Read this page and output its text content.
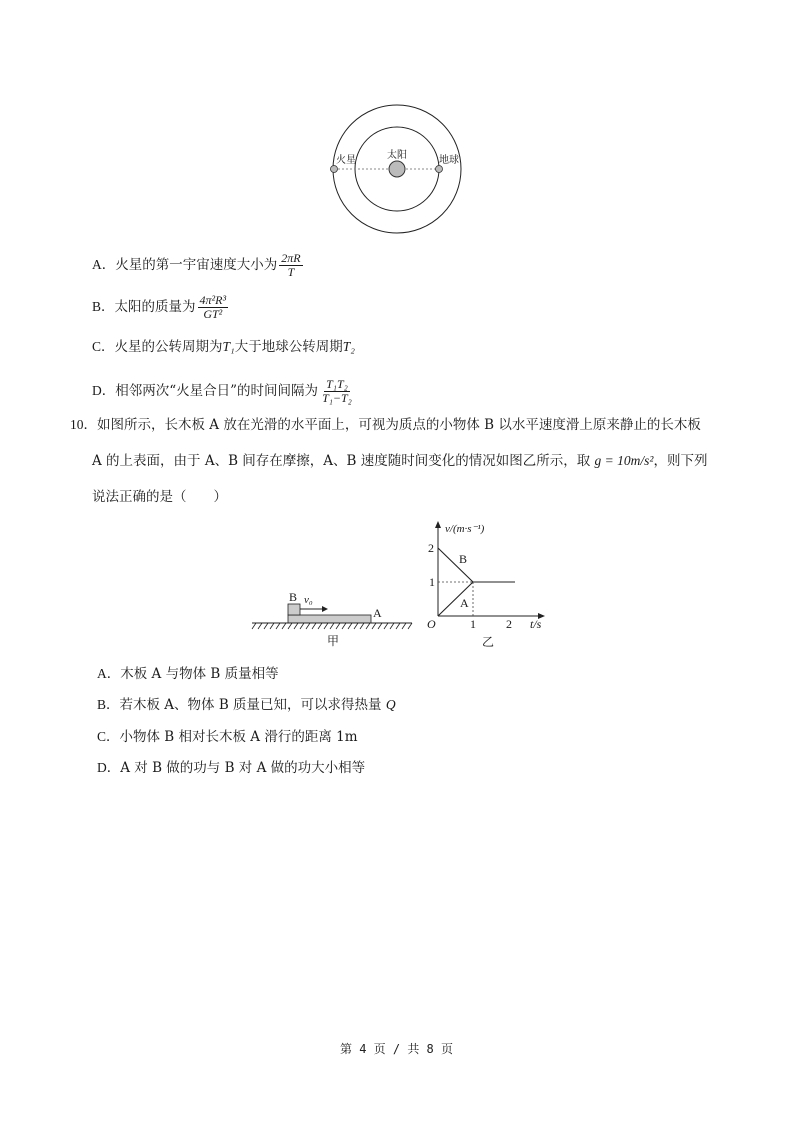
太阳
火星	地球
A．火星的第一宇宙速度大小为 $\frac{2\pi R}{T}$
B．太阳的质量为 $\frac{\text{4π²R³}}{\text{GT²}}$
C．火星的公转周期为T₁大于地球公转周期T₂
D．相邻两次“火星合日”的时间间隔为 $\frac{\text{T₁T₂}}{\text{T₁−T₂}}$
10．如图所示，长木板 A 放在光滑的水平面上，可视为质点的小物体 B 以水平速度滑上原来静止的长木板
A 的上表面，由于 A、B 间存在摩擦，A、B 速度随时间变化的情况如图乙所示，取 g = 10m/s²，则下列
说法正确的是（　　）
B v₀
A
甲
v/(m·s⁻¹)
2
1
B
A
O	1	2 t/s
乙
A．木板 A 与物体 B 质量相等
B．若木板 A、物体 B 质量已知，可以求得热量 Q
C．小物体 B 相对长木板 A 滑行的距离 1m
D．A 对 B 做的功与 B 对 A 做的功大小相等
第 4 页 / 共 8 页
